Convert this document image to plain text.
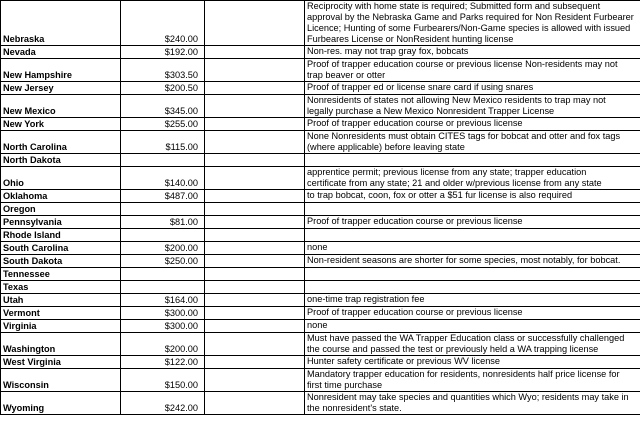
Nebraska	$240.00		Reciprocity with home state is required; Submitted form and subsequent
approval by the Nebraska Game and Parks required for Non Resident Furbearer
Licence; Hunting of some Furbearers/Non-Game species is allowed with issued
Furbeares License or NonResident hunting license

Nevada	$192.00		Non-res. may not trap gray fox, bobcats

New Hampshire	$303.50		Proof of trapper education course or previous license Non-residents may not
trap beaver or otter

New Jersey	$200.50		Proof of trapper ed or license snare card if using snares

New Mexico	$345.00		Nonresidents of states not allowing New Mexico residents to trap may not
legally purchase a New Mexico Nonresident Trapper License

New York	$255.00		Proof of trapper education course or previous license

North Carolina	$115.00		None Nonresidents must obtain CITES tags for bobcat and otter and fox tags
(where applicable) before leaving state

North Dakota			
Ohio	$140.00		apprentice permit; previous license from any state; trapper education
certificate from any state; 21 and older w/previous license from any state

Oklahoma	$487.00		to trap bobcat, coon, fox or otter a $51 fur license is also required

Oregon			
Pennsylvania	$81.00		Proof of trapper education course or previous license

Rhode Island			
South Carolina	$200.00		none

South Dakota	$250.00		Non-resident seasons are shorter for some species, most notably, for bobcat.

Tennessee			
Texas			
Utah	$164.00		one-time trap registration fee

Vermont	$300.00		Proof of trapper education course or previous license

Virginia	$300.00		none

Washington	$200.00		Must have passed the WA Trapper Education class or successfully challenged
the course and passed the test or previously held a WA trapping license

West Virginia	$122.00		Hunter safety certificate or previous WV license

Wisconsin	$150.00		Mandatory trapper education for residents, nonresidents half price license for
first time purchase

Wyoming	$242.00		Nonresident may take species and quantities which Wyo; residents may take in
the nonresident's state.
